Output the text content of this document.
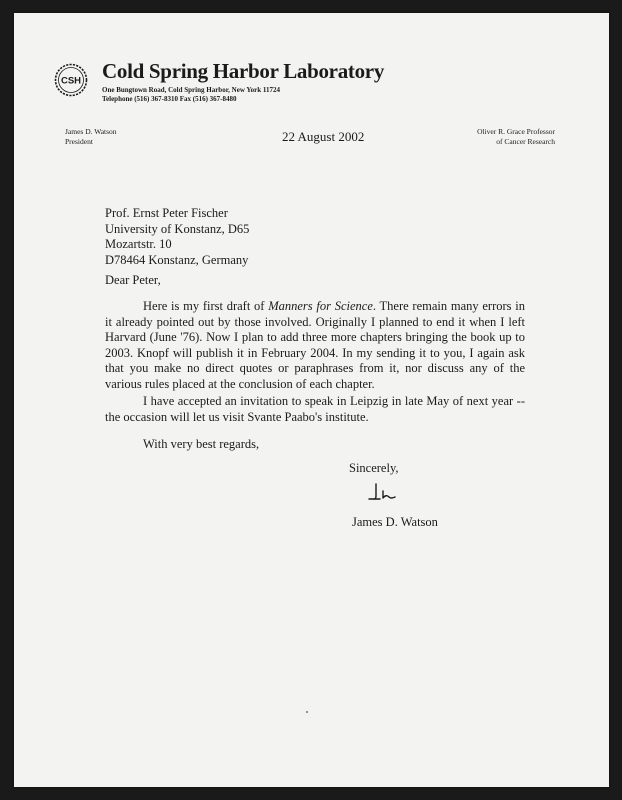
CSH Cold Spring Harbor Laboratory
One Bungtown Road, Cold Spring Harbor, New York 11724
Telephone (516) 367-8310 Fax (516) 367-8480
James D. Watson
President	22 August 2002	Oliver R. Grace Professor
of Cancer Research
Prof. Ernst Peter Fischer
University of Konstanz, D65
Mozartstr. 10
D78464 Konstanz, Germany
Dear Peter,
Here is my first draft of Manners for Science. There remain many errors in it already pointed out by those involved. Originally I planned to end it when I left Harvard (June '76). Now I plan to add three more chapters bringing the book up to 2003. Knopf will publish it in February 2004. In my sending it to you, I again ask that you make no direct quotes or paraphrases from it, nor discuss any of the various rules placed at the conclusion of each chapter.
I have accepted an invitation to speak in Leipzig in late May of next year -- the occasion will let us visit Svante Paabo's institute.
With very best regards,
Sincerely,
James D. Watson
